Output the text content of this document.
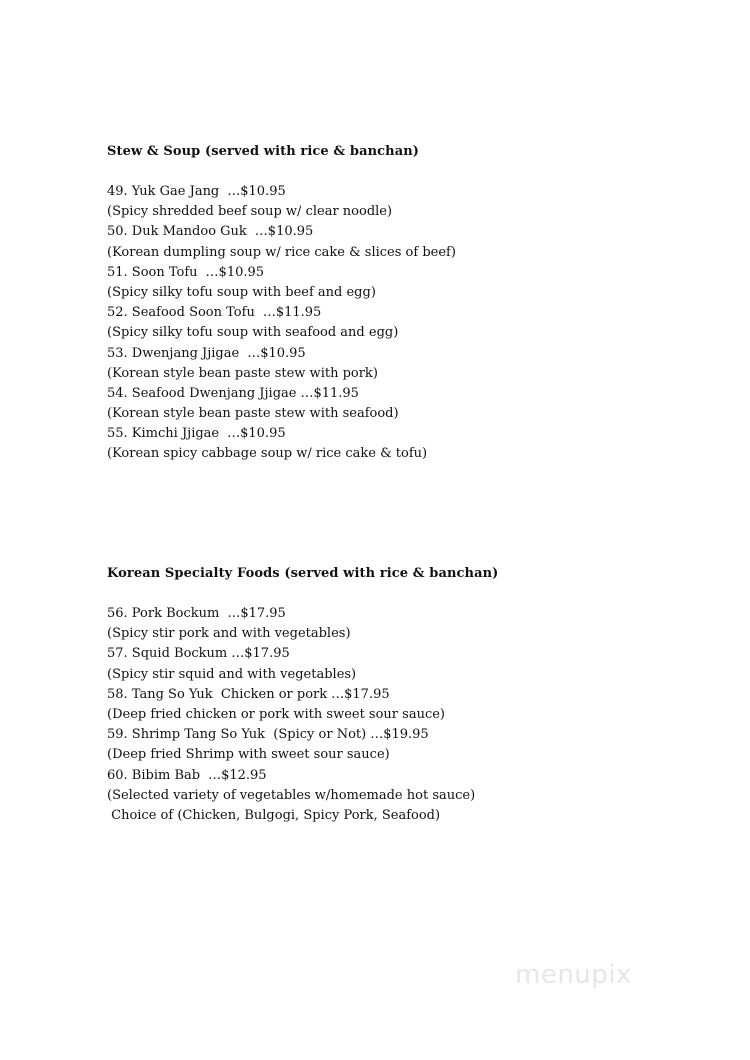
Stew & Soup (served with rice & banchan)
49. Yuk Gae Jang …$10.95
(Spicy shredded beef soup w/ clear noodle)
50. Duk Mandoo Guk …$10.95
(Korean dumpling soup w/ rice cake & slices of beef)
51. Soon Tofu …$10.95
(Spicy silky tofu soup with beef and egg)
52. Seafood Soon Tofu …$11.95
(Spicy silky tofu soup with seafood and egg)
53. Dwenjang Jjigae …$10.95
(Korean style bean paste stew with pork)
54. Seafood Dwenjang Jjigae …$11.95
(Korean style bean paste stew with seafood)
55. Kimchi Jjigae …$10.95
(Korean spicy cabbage soup w/ rice cake & tofu)
Korean Specialty Foods (served with rice & banchan)
56. Pork Bockum …$17.95
(Spicy stir pork and with vegetables)
57. Squid Bockum …$17.95
(Spicy stir squid and with vegetables)
58. Tang So Yuk  Chicken or pork …$17.95
(Deep fried chicken or pork with sweet sour sauce)
59. Shrimp Tang So Yuk  (Spicy or Not) …$19.95
(Deep fried Shrimp with sweet sour sauce)
60. Bibim Bab …$12.95
(Selected variety of vegetables w/homemade hot sauce)
Choice of (Chicken, Bulgogi, Spicy Pork, Seafood)
menupix
